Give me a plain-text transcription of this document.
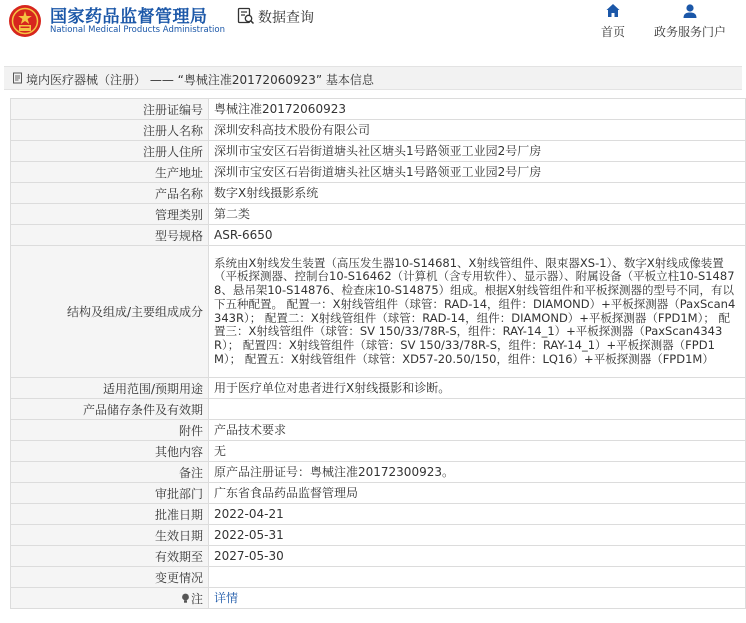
国家药品监督管理局
National Medical Products Administration
数据查询
首页	政务服务门户
境内医疗器械（注册） —— “粤械注准20172060923” 基本信息
注册证编号	粤械注准20172060923
注册人名称	深圳安科高技术股份有限公司
注册人住所	深圳市宝安区石岩街道塘头社区塘头1号路领亚工业园2号厂房
生产地址	深圳市宝安区石岩街道塘头社区塘头1号路领亚工业园2号厂房
产品名称	数字X射线摄影系统
管理类别	第二类
型号规格	ASR-6650
结构及组成/主要组成成分	系统由X射线发生装置（高压发生器10-S14681、X射线管组件、限束器XS-1）、数字X射线成像装置（平板探测器、控制台10-S16462（计算机（含专用软件）、显示器）、附属设备（平板立柱10-S14878、悬吊架10-S14876、检查床10-S14875）组成。根据X射线管组件和平板探测器的型号不同，有以下五种配置。 配置一：X射线管组件（球管：RAD-14，组件：DIAMOND）+平板探测器（PaxScan4343R）； 配置二：X射线管组件（球管：RAD-14，组件：DIAMOND）+平板探测器（FPD1M）； 配置三：X射线管组件（球管：SV 150/33/78R-S，组件：RAY-14_1）+平板探测器（PaxScan4343R）； 配置四：X射线管组件（球管：SV 150/33/78R-S，组件：RAY-14_1）+平板探测器（FPD1M）； 配置五：X射线管组件（球管：XD57-20.50/150，组件：LQ16）+平板探测器（FPD1M）
适用范围/预期用途	用于医疗单位对患者进行X射线摄影和诊断。
产品储存条件及有效期	
附件	产品技术要求
其他内容	无
备注	原产品注册证号：粤械注准20172300923。
审批部门	广东省食品药品监督管理局
批准日期	2022-04-21
生效日期	2022-05-31
有效期至	2027-05-30
变更情况	
注	详情
